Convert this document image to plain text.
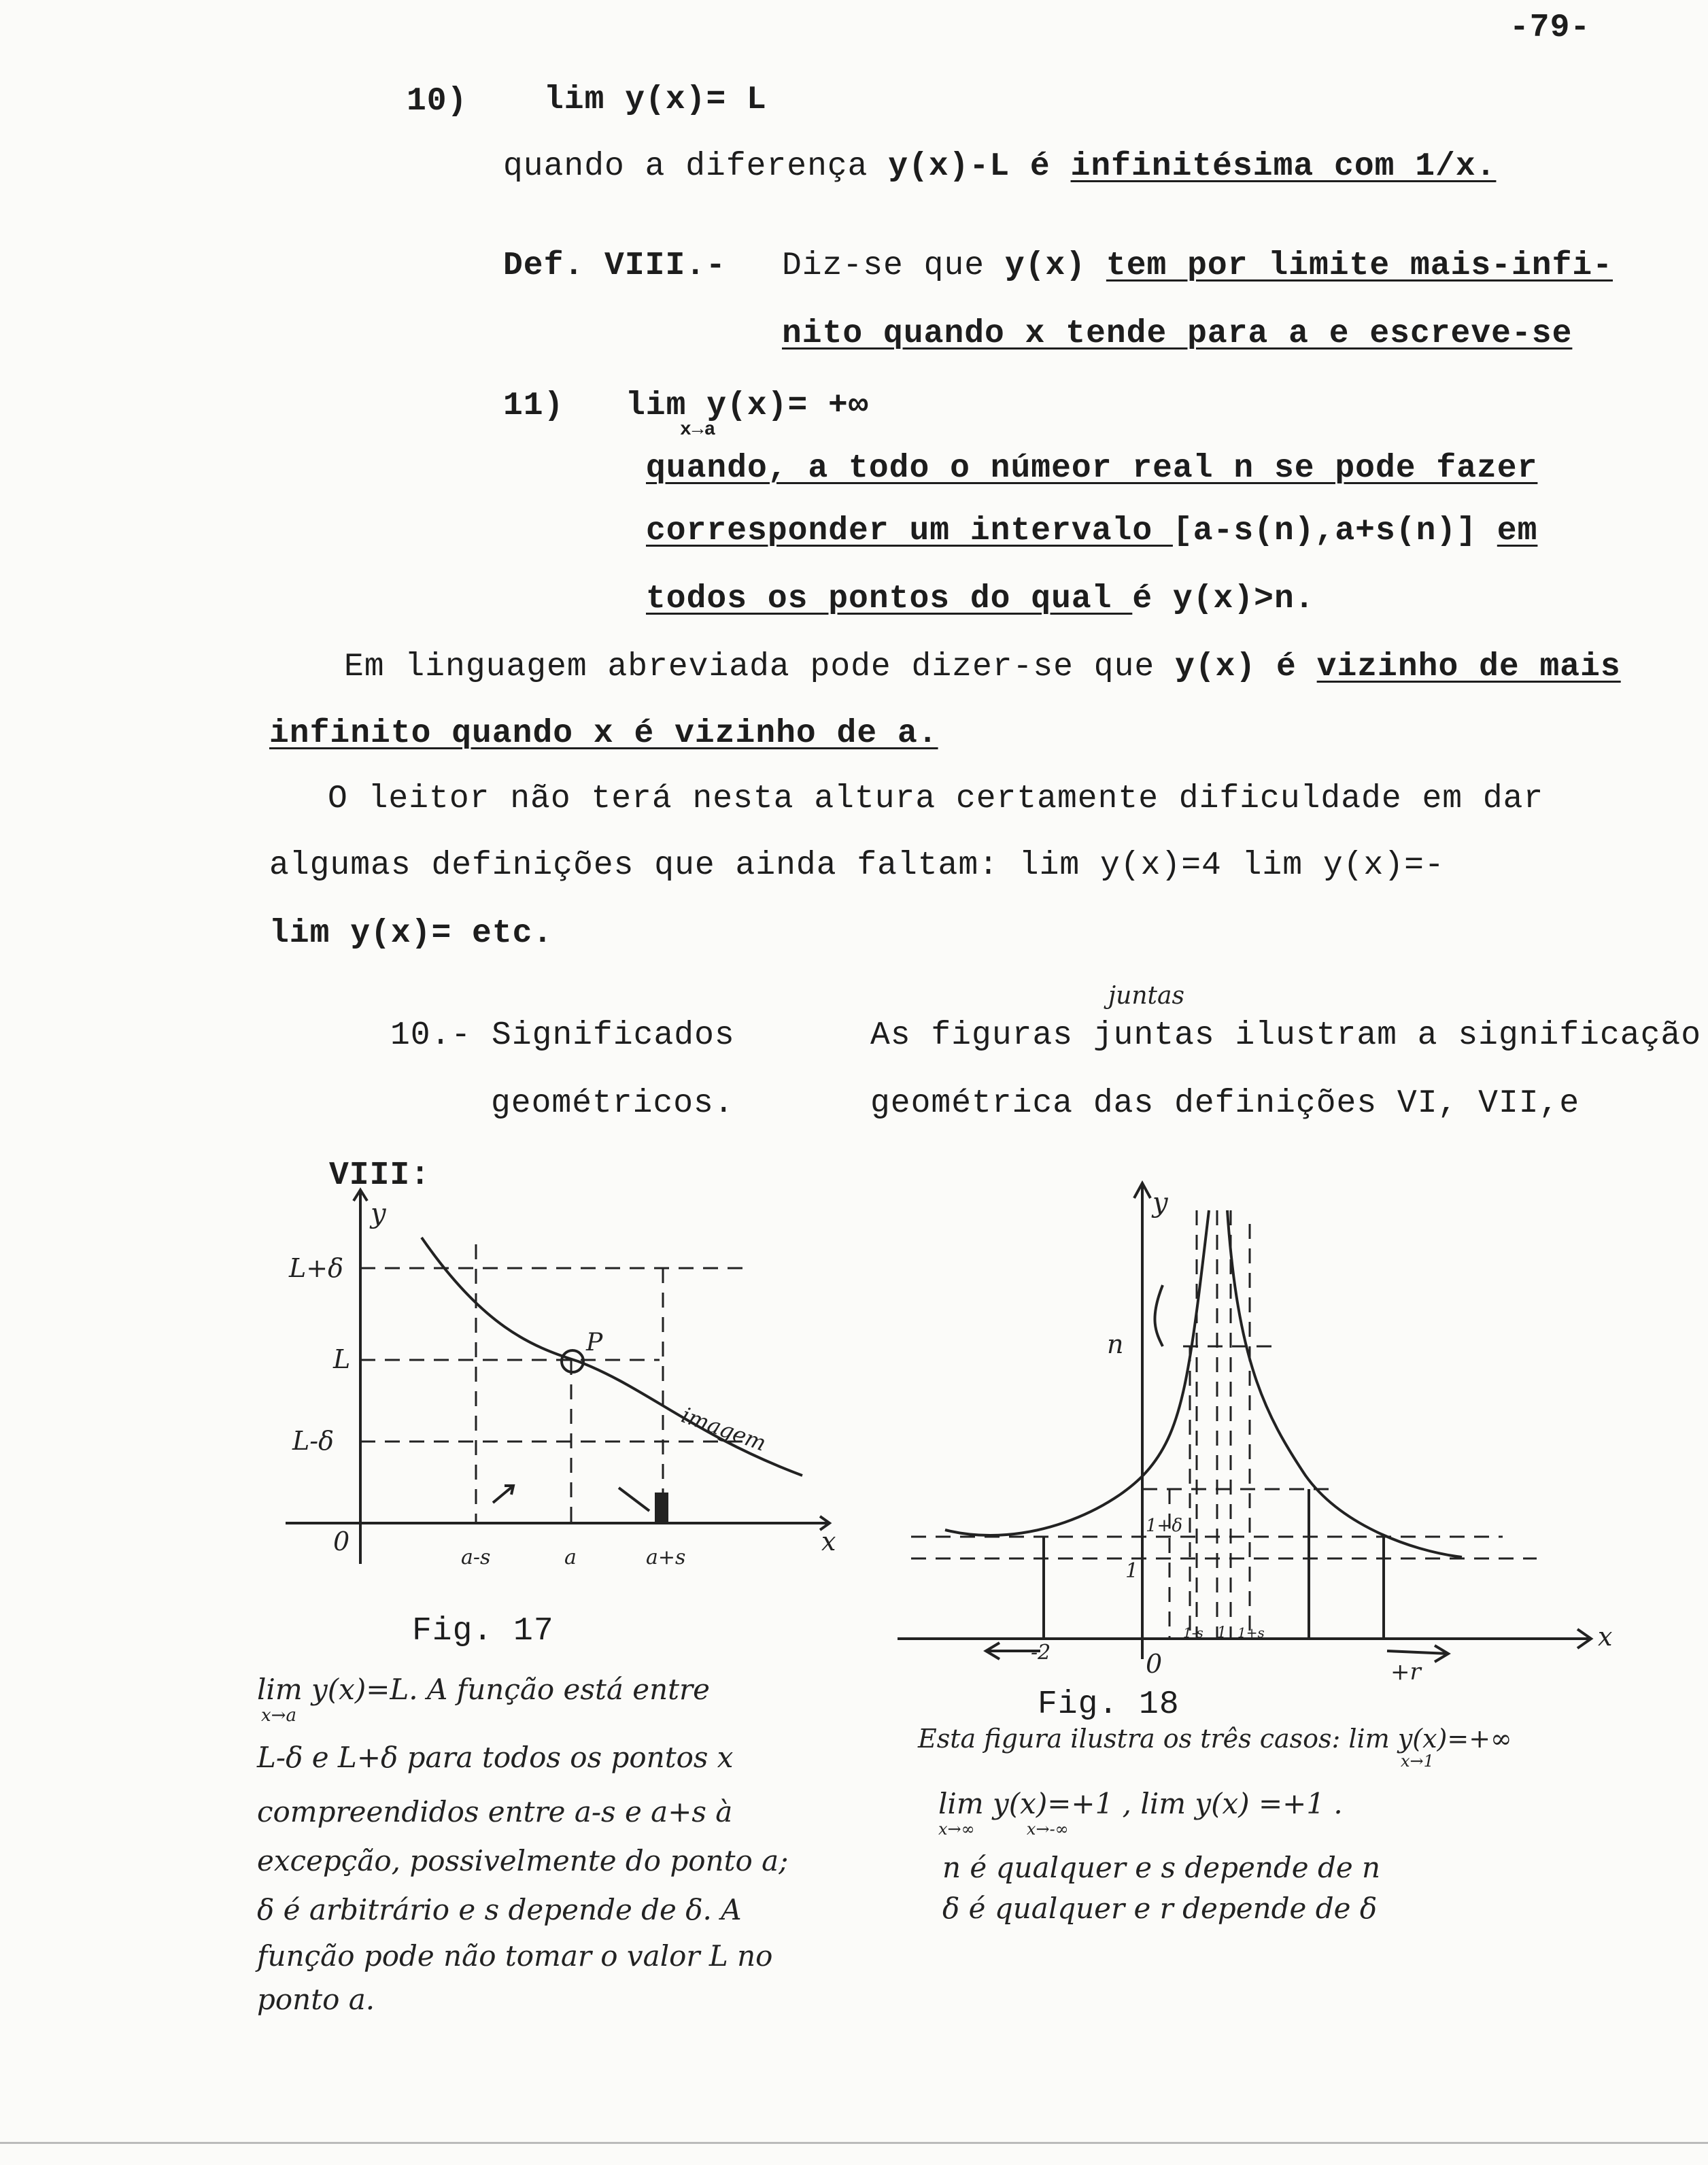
-79-
10) lim y(x)= L
quando a diferença y(x)-L é infinitésima com 1/x.
Def. VIII.- Diz-se que y(x) tem por limite mais-infi-
nito quando x tende para a e escreve-se
11) lim y(x)= +∞
x→a
quando, a todo o númeor real n se pode fazer
corresponder um intervalo [a-s(n),a+s(n)] em
todos os pontos do qual é y(x)>n.
Em linguagem abreviada pode dizer-se que y(x) é vizinho de mais
infinito quando x é vizinho de a.
O leitor não terá nesta altura certamente dificuldade em dar
algumas definições que ainda faltam: lim y(x)=4 lim y(x)=-
lim y(x)= etc.
10.- Significados
geométricos.
juntas
As figuras juntas ilustram a significação
geométrica das definições VI, VII,e
VIII:
y
L+δ
L
L-δ
0
a-s	a	a+s
x
P
imagem
Fig. 17
lim y(x)=L. A função está entre
x→a
L-δ e L+δ para todos os pontos x
compreendidos entre a-s e a+s à
excepção, possivelmente do ponto a;
δ é arbitrário e s depende de δ. A
função pode não tomar o valor L no
ponto a.
y
n
1+δ
1
0
-2
1-s 1 1+s
+r
x
Fig. 18
Esta figura ilustra os três casos: lim y(x)=+∞
x→1
lim y(x)=+1 , lim y(x) =+1 .
x→∞          x→-∞
n é qualquer e s depende de n
δ é qualquer e r depende de δ
